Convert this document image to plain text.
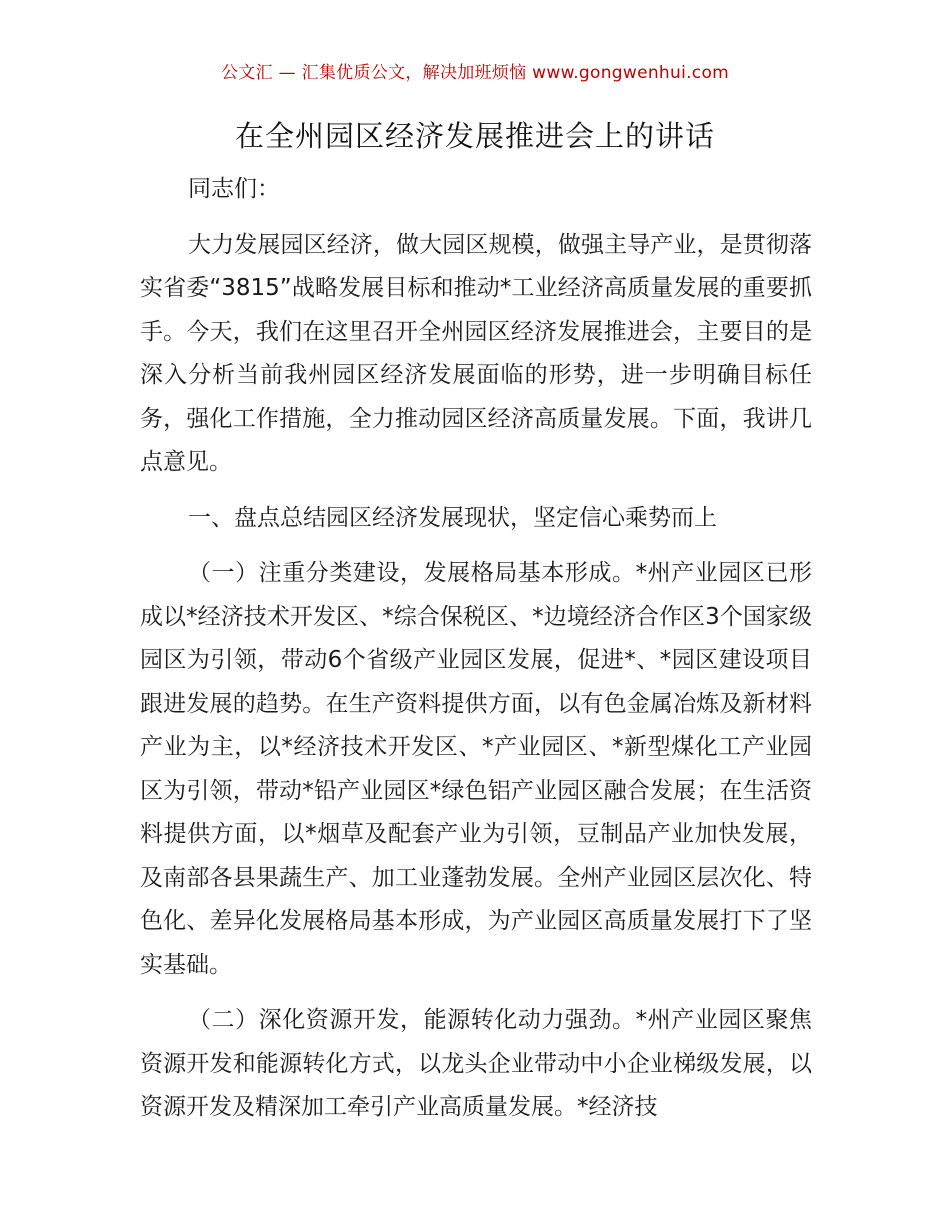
公文汇 — 汇集优质公文，解决加班烦恼 www.gongwenhui.com
在全州园区经济发展推进会上的讲话

同志们：

大力发展园区经济，做大园区规模，做强主导产业，是贯彻落实省委“3815”战略发展目标和推动*工业经济高质量发展的重要抓手。今天，我们在这里召开全州园区经济发展推进会，主要目的是深入分析当前我州园区经济发展面临的形势，进一步明确目标任务，强化工作措施，全力推动园区经济高质量发展。下面，我讲几点意见。

一、盘点总结园区经济发展现状，坚定信心乘势而上

（一）注重分类建设，发展格局基本形成。*州产业园区已形成以*经济技术开发区、*综合保税区、*边境经济合作区3个国家级园区为引领，带动6个省级产业园区发展，促进*、*园区建设项目跟进发展的趋势。在生产资料提供方面，以有色金属冶炼及新材料产业为主，以*经济技术开发区、*产业园区、*新型煤化工产业园区为引领，带动*铅产业园区*绿色铝产业园区融合发展；在生活资料提供方面，以*烟草及配套产业为引领，豆制品产业加快发展，及南部各县果蔬生产、加工业蓬勃发展。全州产业园区层次化、特色化、差异化发展格局基本形成，为产业园区高质量发展打下了坚实基础。

（二）深化资源开发，能源转化动力强劲。*州产业园区聚焦资源开发和能源转化方式，以龙头企业带动中小企业梯级发展，以资源开发及精深加工牵引产业高质量发展。*经济技
